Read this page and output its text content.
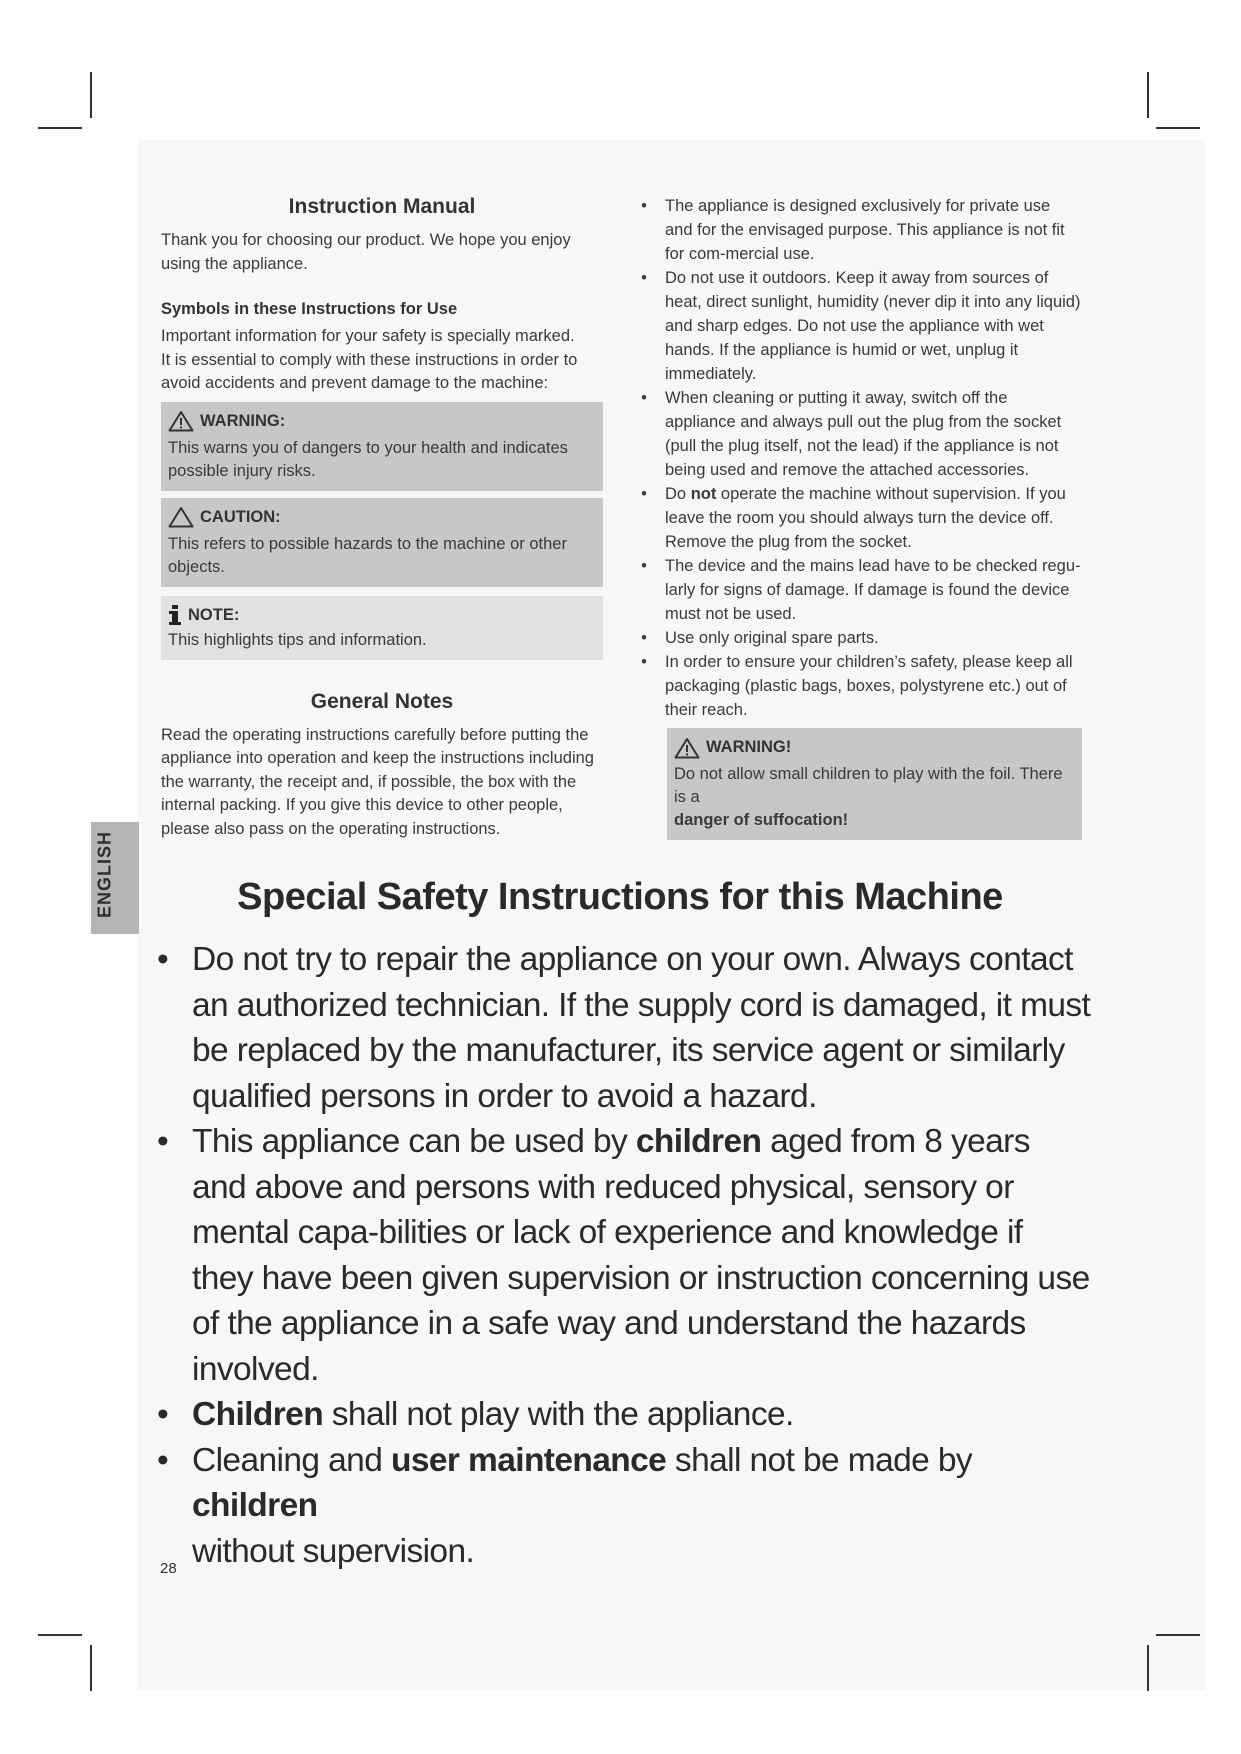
ENGLISH
Instruction Manual

Thank you for choosing our product. We hope you enjoy using the appliance.

Symbols in these Instructions for Use

Important information for your safety is specially marked.

It is essential to comply with these instructions in order to avoid accidents and prevent damage to the machine:

WARNING:
This warns you of dangers to your health and indicates possible injury risks.
CAUTION:
This refers to possible hazards to the machine or other objects.
NOTE:
This highlights tips and information.
General Notes

Read the operating instructions carefully before putting the appliance into operation and keep the instructions including the warranty, the receipt and, if possible, the box with the internal packing. If you give this device to other people, please also pass on the operating instructions.

• The appliance is designed exclusively for private use and for the envisaged purpose. This appliance is not fit for com-mercial use.
• Do not use it outdoors. Keep it away from sources of heat, direct sunlight, humidity (never dip it into any liquid) and sharp edges. Do not use the appliance with wet hands. If the appliance is humid or wet, unplug it immediately.
• When cleaning or putting it away, switch off the appliance and always pull out the plug from the socket (pull the plug itself, not the lead) if the appliance is not being used and remove the attached accessories.
• Do not operate the machine without supervision. If you leave the room you should always turn the device off. Remove the plug from the socket.
• The device and the mains lead have to be checked regu-larly for signs of damage. If damage is found the device must not be used.
• Use only original spare parts.
• In order to ensure your children’s safety, please keep all packaging (plastic bags, boxes, polystyrene etc.) out of their reach.
WARNING!
Do not allow small children to play with the foil. There is a
danger of suffocation!
Special Safety Instructions for this Machine
• Do not try to repair the appliance on your own. Always contact an authorized technician. If the supply cord is damaged, it must be replaced by the manufacturer, its service agent or similarly qualified persons in order to avoid a hazard.
• This appliance can be used by children aged from 8 years and above and persons with reduced physical, sensory or mental capa-bilities or lack of experience and knowledge if they have been given supervision or instruction concerning use of the appliance in a safe way and understand the hazards involved.
• Children shall not play with the appliance.
• Cleaning and user maintenance shall not be made by children
without supervision.
28
